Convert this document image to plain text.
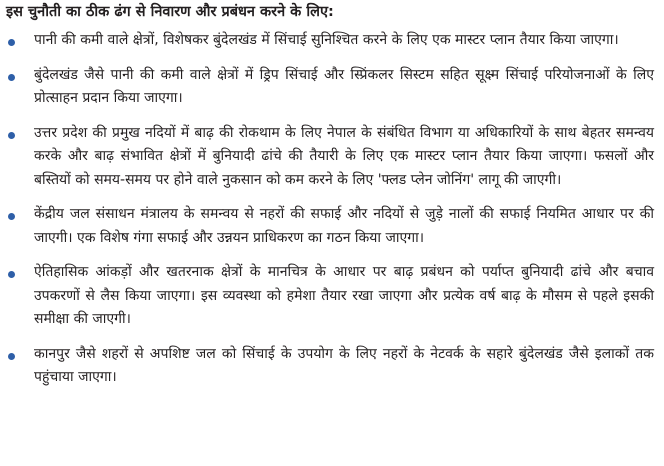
इस चुनौती का ठीक ढंग से निवारण और प्रबंधन करने के लिए:
पानी की कमी वाले क्षेत्रों, विशेषकर बुंदेलखंड में सिंचाई सुनिश्चित करने के लिए एक मास्टर प्लान तैयार किया जाएगा।
बुंदेलखंड जैसे पानी की कमी वाले क्षेत्रों में ड्रिप सिंचाई और स्प्रिंकलर सिस्टम सहित सूक्ष्म सिंचाई परियोजनाओं के लिए प्रोत्साहन प्रदान किया जाएगा।
उत्तर प्रदेश की प्रमुख नदियों में बाढ़ की रोकथाम के लिए नेपाल के संबंधित विभाग या अधिकारियों के साथ बेहतर समन्वय करके और बाढ़ संभावित क्षेत्रों में बुनियादी ढांचे की तैयारी के लिए एक मास्टर प्लान तैयार किया जाएगा। फसलों और बस्तियों को समय-समय पर होने वाले नुकसान को कम करने के लिए 'फ्लड प्लेन जोनिंग' लागू की जाएगी।
केंद्रीय जल संसाधन मंत्रालय के समन्वय से नहरों की सफाई और नदियों से जुड़े नालों की सफाई नियमित आधार पर की जाएगी। एक विशेष गंगा सफाई और उन्नयन प्राधिकरण का गठन किया जाएगा।
ऐतिहासिक आंकड़ों और खतरनाक क्षेत्रों के मानचित्र के आधार पर बाढ़ प्रबंधन को पर्याप्त बुनियादी ढांचे और बचाव उपकरणों से लैस किया जाएगा। इस व्यवस्था को हमेशा तैयार रखा जाएगा और प्रत्येक वर्ष बाढ़ के मौसम से पहले इसकी समीक्षा की जाएगी।
कानपुर जैसे शहरों से अपशिष्ट जल को सिंचाई के उपयोग के लिए नहरों के नेटवर्क के सहारे बुंदेलखंड जैसे इलाकों तक पहुंचाया जाएगा।
